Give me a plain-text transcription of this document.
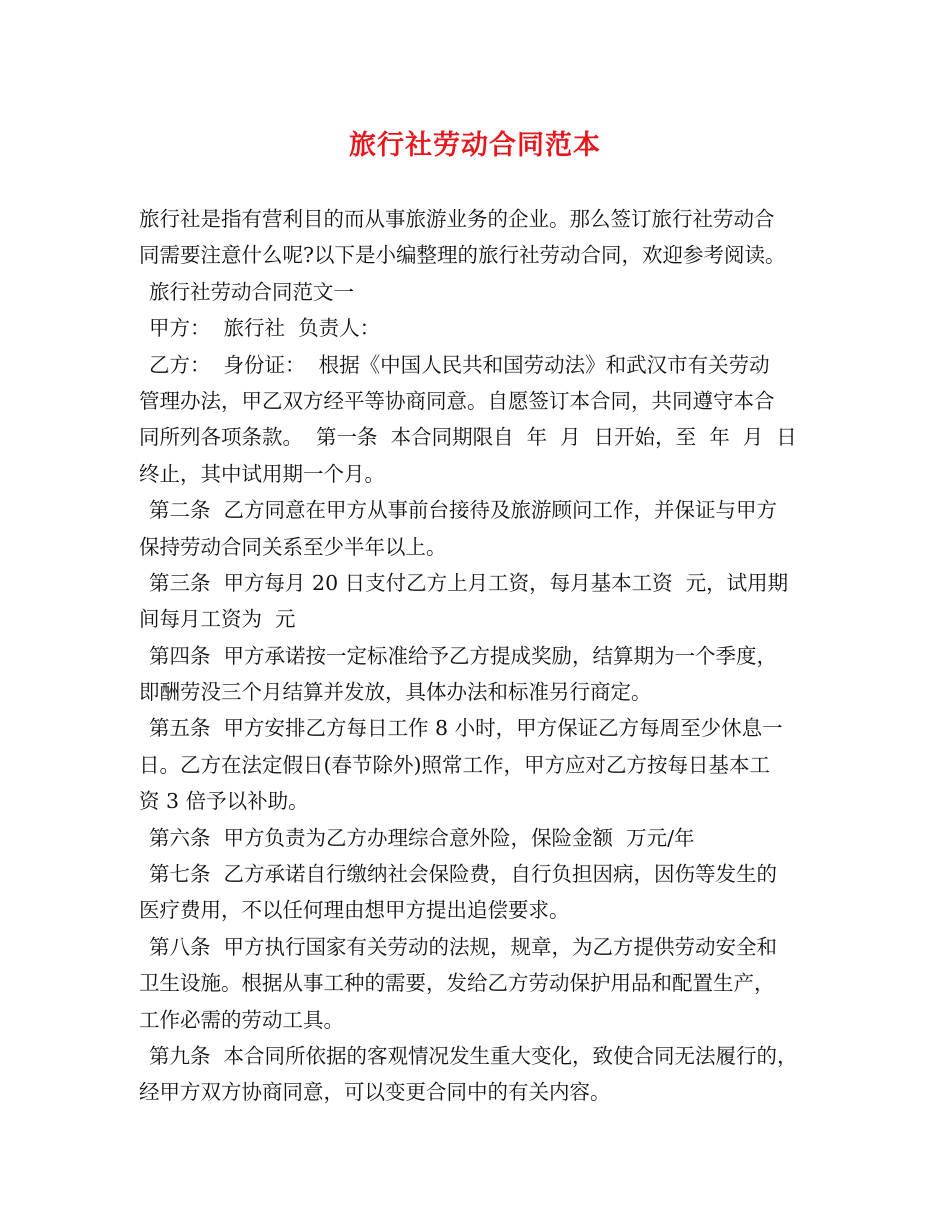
旅行社劳动合同范本
旅行社是指有营利目的而从事旅游业务的企业。那么签订旅行社劳动合
同需要注意什么呢?以下是小编整理的旅行社劳动合同，欢迎参考阅读。
旅行社劳动合同范文一
甲方：  旅行社  负责人：
乙方：  身份证：  根据《中国人民共和国劳动法》和武汉市有关劳动
管理办法，甲乙双方经平等协商同意。自愿签订本合同，共同遵守本合
同所列各项条款。  第一条  本合同期限自  年  月  日开始，至  年  月  日
终止，其中试用期一个月。
第二条  乙方同意在甲方从事前台接待及旅游顾问工作，并保证与甲方
保持劳动合同关系至少半年以上。
第三条  甲方每月 20 日支付乙方上月工资，每月基本工资  元，试用期
间每月工资为  元
第四条  甲方承诺按一定标准给予乙方提成奖励，结算期为一个季度，
即酬劳没三个月结算并发放，具体办法和标准另行商定。
第五条  甲方安排乙方每日工作 8 小时，甲方保证乙方每周至少休息一
日。乙方在法定假日(春节除外)照常工作，甲方应对乙方按每日基本工
资 3 倍予以补助。
第六条  甲方负责为乙方办理综合意外险，保险金额  万元/年
第七条  乙方承诺自行缴纳社会保险费，自行负担因病，因伤等发生的
医疗费用，不以任何理由想甲方提出追偿要求。
第八条  甲方执行国家有关劳动的法规，规章，为乙方提供劳动安全和
卫生设施。根据从事工种的需要，发给乙方劳动保护用品和配置生产，
工作必需的劳动工具。
第九条  本合同所依据的客观情况发生重大变化，致使合同无法履行的，
经甲方双方协商同意，可以变更合同中的有关内容。
